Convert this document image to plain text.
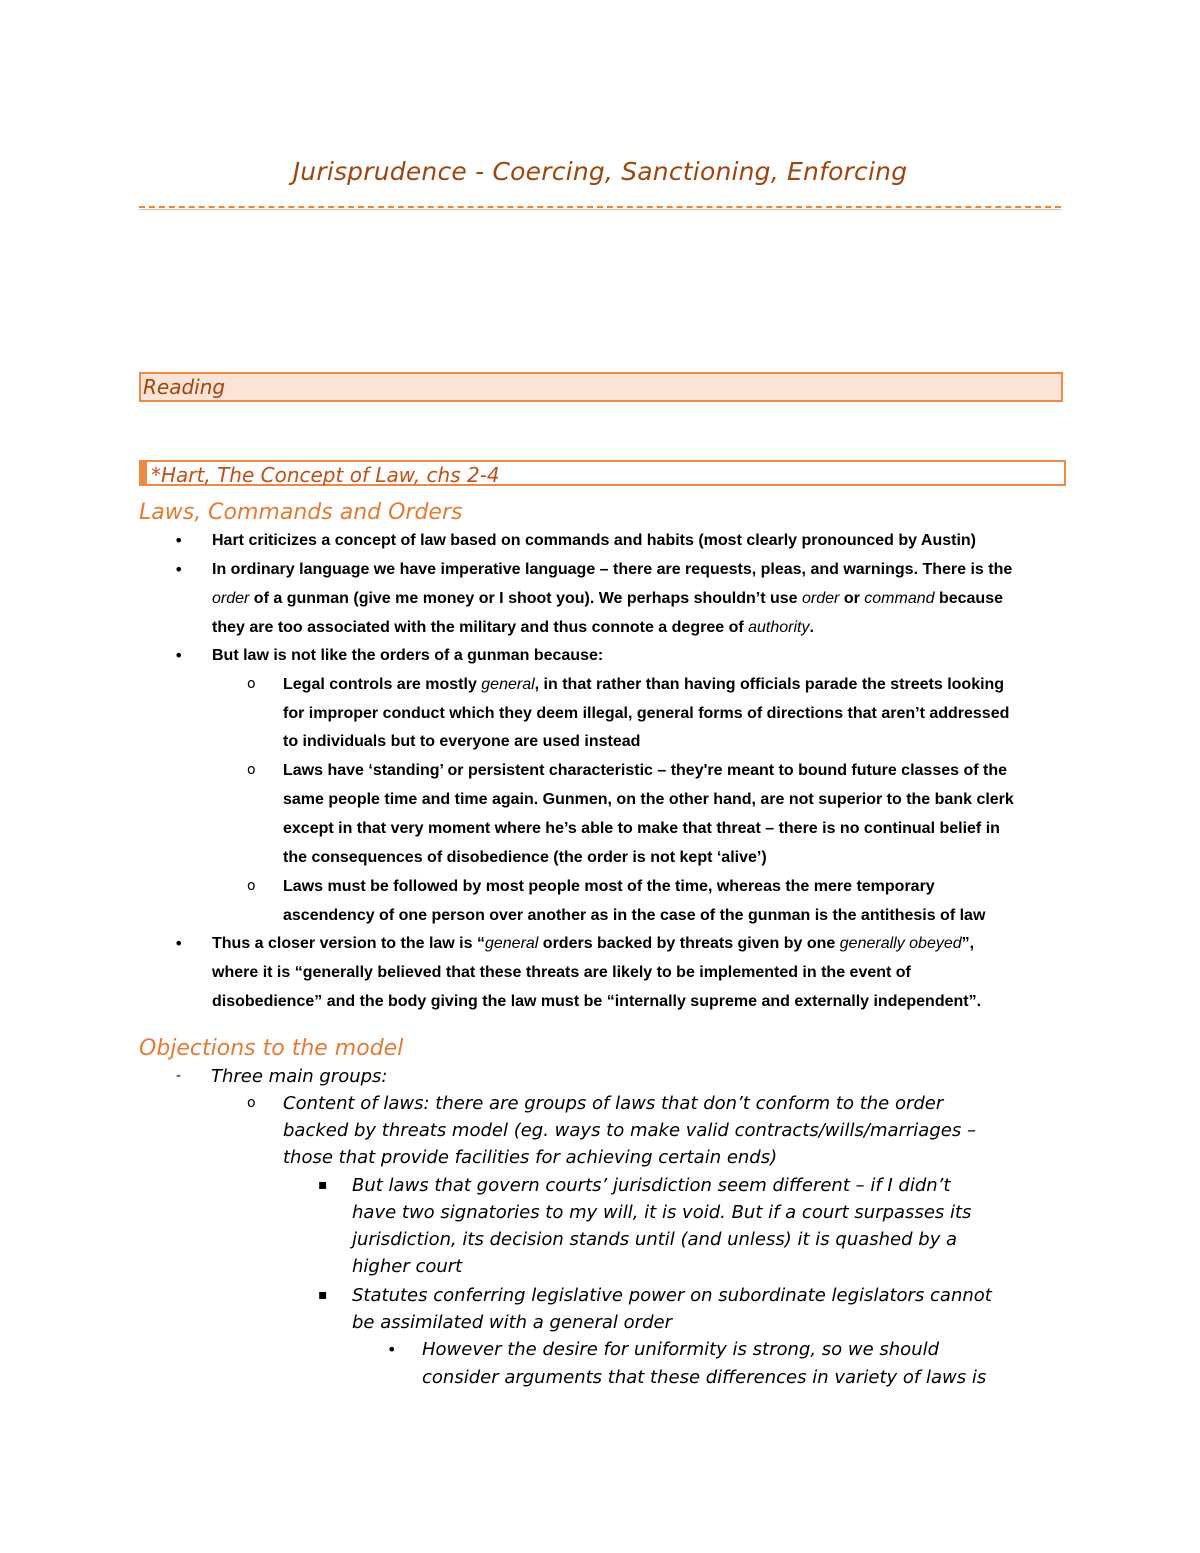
Jurisprudence - Coercing, Sanctioning, Enforcing
Reading
*Hart, The Concept of Law, chs 2-4
Laws, Commands and Orders
• Hart criticizes a concept of law based on commands and habits (most clearly pronounced by Austin)
• In ordinary language we have imperative language – there are requests, pleas, and warnings. There is the
order of a gunman (give me money or I shoot you). We perhaps shouldn’t use order or command because
they are too associated with the military and thus connote a degree of authority.
• But law is not like the orders of a gunman because:
o Legal controls are mostly general, in that rather than having officials parade the streets looking
for improper conduct which they deem illegal, general forms of directions that aren’t addressed
to individuals but to everyone are used instead
o Laws have ‘standing’ or persistent characteristic – they're meant to bound future classes of the
same people time and time again. Gunmen, on the other hand, are not superior to the bank clerk
except in that very moment where he’s able to make that threat – there is no continual belief in
the consequences of disobedience (the order is not kept ‘alive’)
o Laws must be followed by most people most of the time, whereas the mere temporary
ascendency of one person over another as in the case of the gunman is the antithesis of law
• Thus a closer version to the law is “general orders backed by threats given by one generally obeyed”,
where it is “generally believed that these threats are likely to be implemented in the event of
disobedience” and the body giving the law must be “internally supreme and externally independent”.
Objections to the model
- Three main groups:
o Content of laws: there are groups of laws that don’t conform to the order
backed by threats model (eg. ways to make valid contracts/wills/marriages –
those that provide facilities for achieving certain ends)
▪ But laws that govern courts’ jurisdiction seem different – if I didn’t
have two signatories to my will, it is void. But if a court surpasses its
jurisdiction, its decision stands until (and unless) it is quashed by a
higher court
▪ Statutes conferring legislative power on subordinate legislators cannot
be assimilated with a general order
• However the desire for uniformity is strong, so we should
consider arguments that these differences in variety of laws is
